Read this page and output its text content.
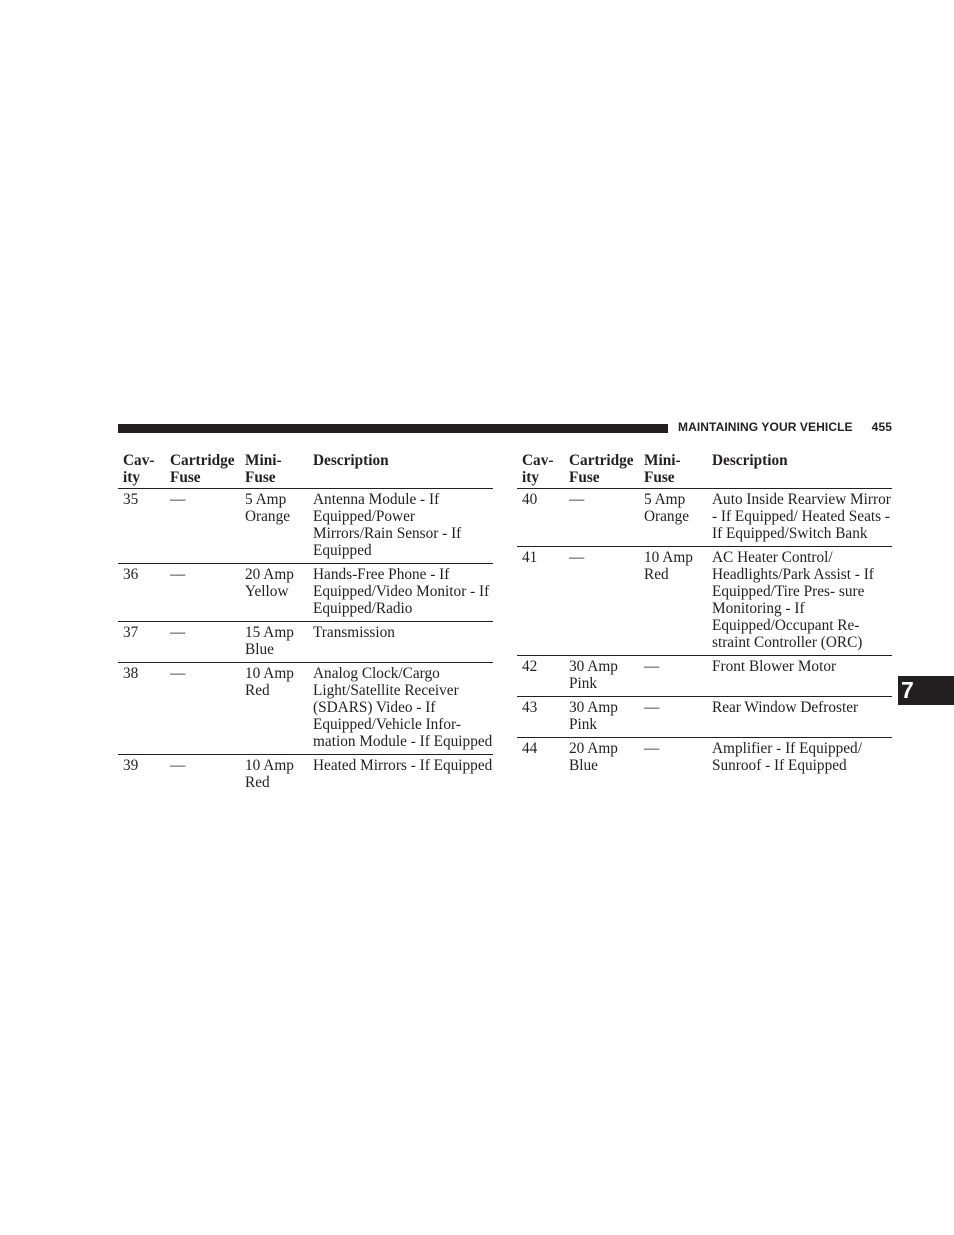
MAINTAINING YOUR VEHICLE 455
7
Cav- ity	Cartridge Fuse	Mini- Fuse	Description
35	—	5 Amp Orange	Antenna Module - If Equipped/Power Mirrors/Rain Sensor - If Equipped
36	—	20 Amp Yellow	Hands-Free Phone - If Equipped/Video Monitor - If Equipped/Radio
37	—	15 Amp Blue	Transmission
38	—	10 Amp Red	Analog Clock/Cargo Light/Satellite Receiver (SDARS) Video - If Equipped/Vehicle Infor- mation Module - If Equipped
39	—	10 Amp Red	Heated Mirrors - If Equipped
Cav- ity	Cartridge Fuse	Mini- Fuse	Description
40	—	5 Amp Orange	Auto Inside Rearview Mirror - If Equipped/ Heated Seats - If Equipped/Switch Bank
41	—	10 Amp Red	AC Heater Control/ Headlights/Park Assist - If Equipped/Tire Pres- sure Monitoring - If Equipped/Occupant Re- straint Controller (ORC)
42	30 Amp Pink	—	Front Blower Motor
43	30 Amp Pink	—	Rear Window Defroster
44	20 Amp Blue	—	Amplifier - If Equipped/ Sunroof - If Equipped
